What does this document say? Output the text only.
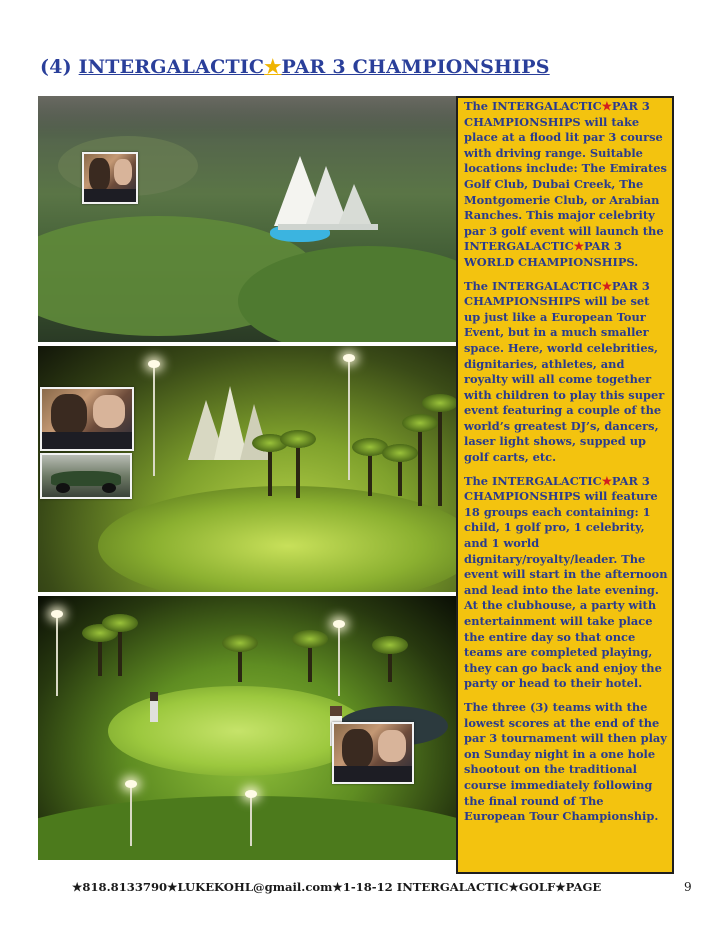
(4) INTERGALACTIC★PAR 3 CHAMPIONSHIPS

The INTERGALACTIC★PAR 3 CHAMPIONSHIPS will take place at a flood lit par 3 course with driving range. Suitable locations include: The Emirates Golf Club, Dubai Creek, The Montgomerie Club, or Arabian Ranches. This major celebrity par 3 golf event will launch the INTERGALACTIC★PAR 3 WORLD CHAMPIONSHIPS.

The INTERGALACTIC★PAR 3 CHAMPIONSHIPS will be set up just like a European Tour Event, but in a much smaller space. Here, world celebrities, dignitaries, athletes, and royalty will all come together with children to play this super event featuring a couple of the world’s greatest DJ’s, dancers, laser light shows, supped up golf carts, etc.

The INTERGALACTIC★PAR 3 CHAMPIONSHIPS will feature 18 groups each containing: 1 child, 1 golf pro, 1 celebrity, and 1 world dignitary/royalty/leader. The event will start in the afternoon and lead into the late evening. At the clubhouse, a party with entertainment will take place the entire day so that once teams are completed playing, they can go back and enjoy the party or head to their hotel.

The three (3) teams with the lowest scores at the end of the par 3 tournament will then play on Sunday night in a one hole shootout on the traditional course immediately following the final round of The European Tour Championship.

★818.8133790★LUKEKOHL@gmail.com★1-18-12 INTERGALACTIC★GOLF★PAGE	9
